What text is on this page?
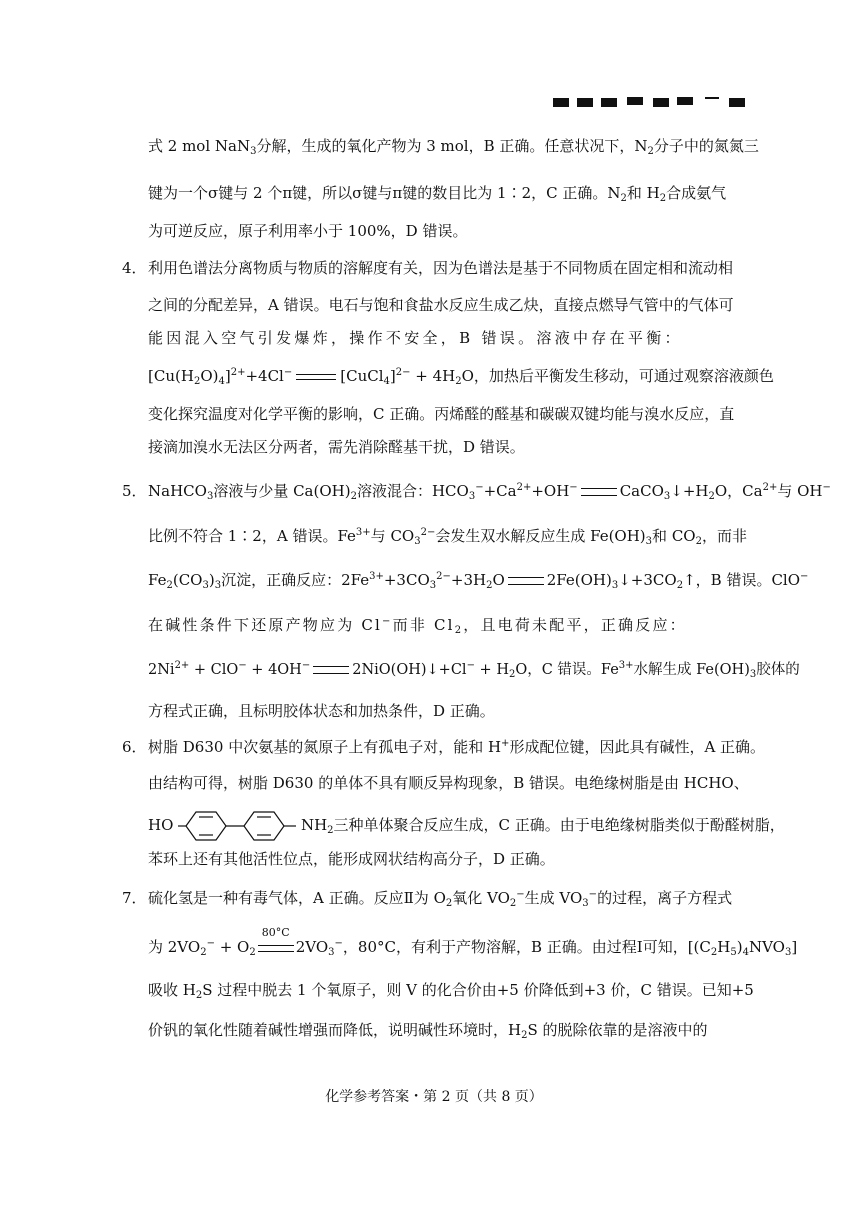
式 2 mol NaN$_3$分解，生成的氧化产物为 3 mol，B 正确。任意状况下，$N_2$分子中的氮氮三
键为一个σ键与 2 个π键，所以σ键与π键的数目比为 1∶2，C 正确。$N_2$和 $H_2$合成氨气
为可逆反应，原子利用率小于 100%，D 错误。
4． 利用色谱法分离物质与物质的溶解度有关，因为色谱法是基于不同物质在固定相和流动相
之间的分配差异，A 错误。电石与饱和食盐水反应生成乙炔，直接点燃导气管中的气体可
能因混入空气引发爆炸，操作不安全，B 错误。溶液中存在平衡：
$[Cu(H_2O)_4]^{2+}+4Cl^-$	[CuCl$_4$]$^{2-}$ + $4H_2O$，加热后平衡发生移动，可通过观察溶液颜色
变化探究温度对化学平衡的影响，C 正确。丙烯醛的醛基和碳碳双键均能与溴水反应，直
接滴加溴水无法区分两者，需先消除醛基干扰，D 错误。
5． NaHCO$_3$溶液与少量 $Ca(OH)_2$溶液混合：$HCO_3^-+Ca^{2+}+OH^-$	$CaCO_3↓+H_2O$，$Ca^{2+}$与 OH−
比例不符合 1∶2，A 错误。$Fe^{3+}$与 $CO_3^{2-}$会发生双水解反应生成 $Fe(OH)_3$和 $CO_2$，而非
$Fe_2(CO_3)_3$沉淀，正确反应：$2Fe^{3+}+3CO_3^{2-}+3H_2O$	$2Fe(OH)_3↓+3CO_2↑$，B 错误。ClO−
在碱性条件下还原产物应为 Cl−而非 $Cl_2$，且电荷未配平，正确反应：
$2Ni^{2+} + ClO^- + 4OH^-$	2NiO(OH)↓+Cl− + $H_2O$，C 错误。$Fe^{3+}$水解生成 $Fe(OH)_3$胶体的
方程式正确，且标明胶体状态和加热条件，D 正确。
6． 树脂 D630 中次氨基的氮原子上有孤电子对，能和 H+形成配位键，因此具有碱性，A 正确。
由结构可得，树脂 D630 的单体不具有顺反异构现象，B 错误。电绝缘树脂是由 HCHO、
HO	$NH_2$三种单体聚合反应生成，C 正确。由于电绝缘树脂类似于酚醛树脂，
苯环上还有其他活性位点，能形成网状结构高分子，D 正确。
7． 硫化氢是一种有毒气体，A 正确。反应Ⅱ为 $O_2$氧化 $VO_2^-$生成 $VO_3^-$的过程，离子方程式
为 $2VO_2^- + O_2$
80°C
$2VO_3^-$，80°C，有利于产物溶解，B 正确。由过程Ⅰ可知，$[(C_2H_5)_4NVO_3]$
吸收 $H_2S$ 过程中脱去 1 个氧原子，则 V 的化合价由+5 价降低到+3 价，C 错误。已知+5
价钒的氧化性随着碱性增强而降低，说明碱性环境时，$H_2S$ 的脱除依靠的是溶液中的
化学参考答案・第 2 页（共 8 页）
